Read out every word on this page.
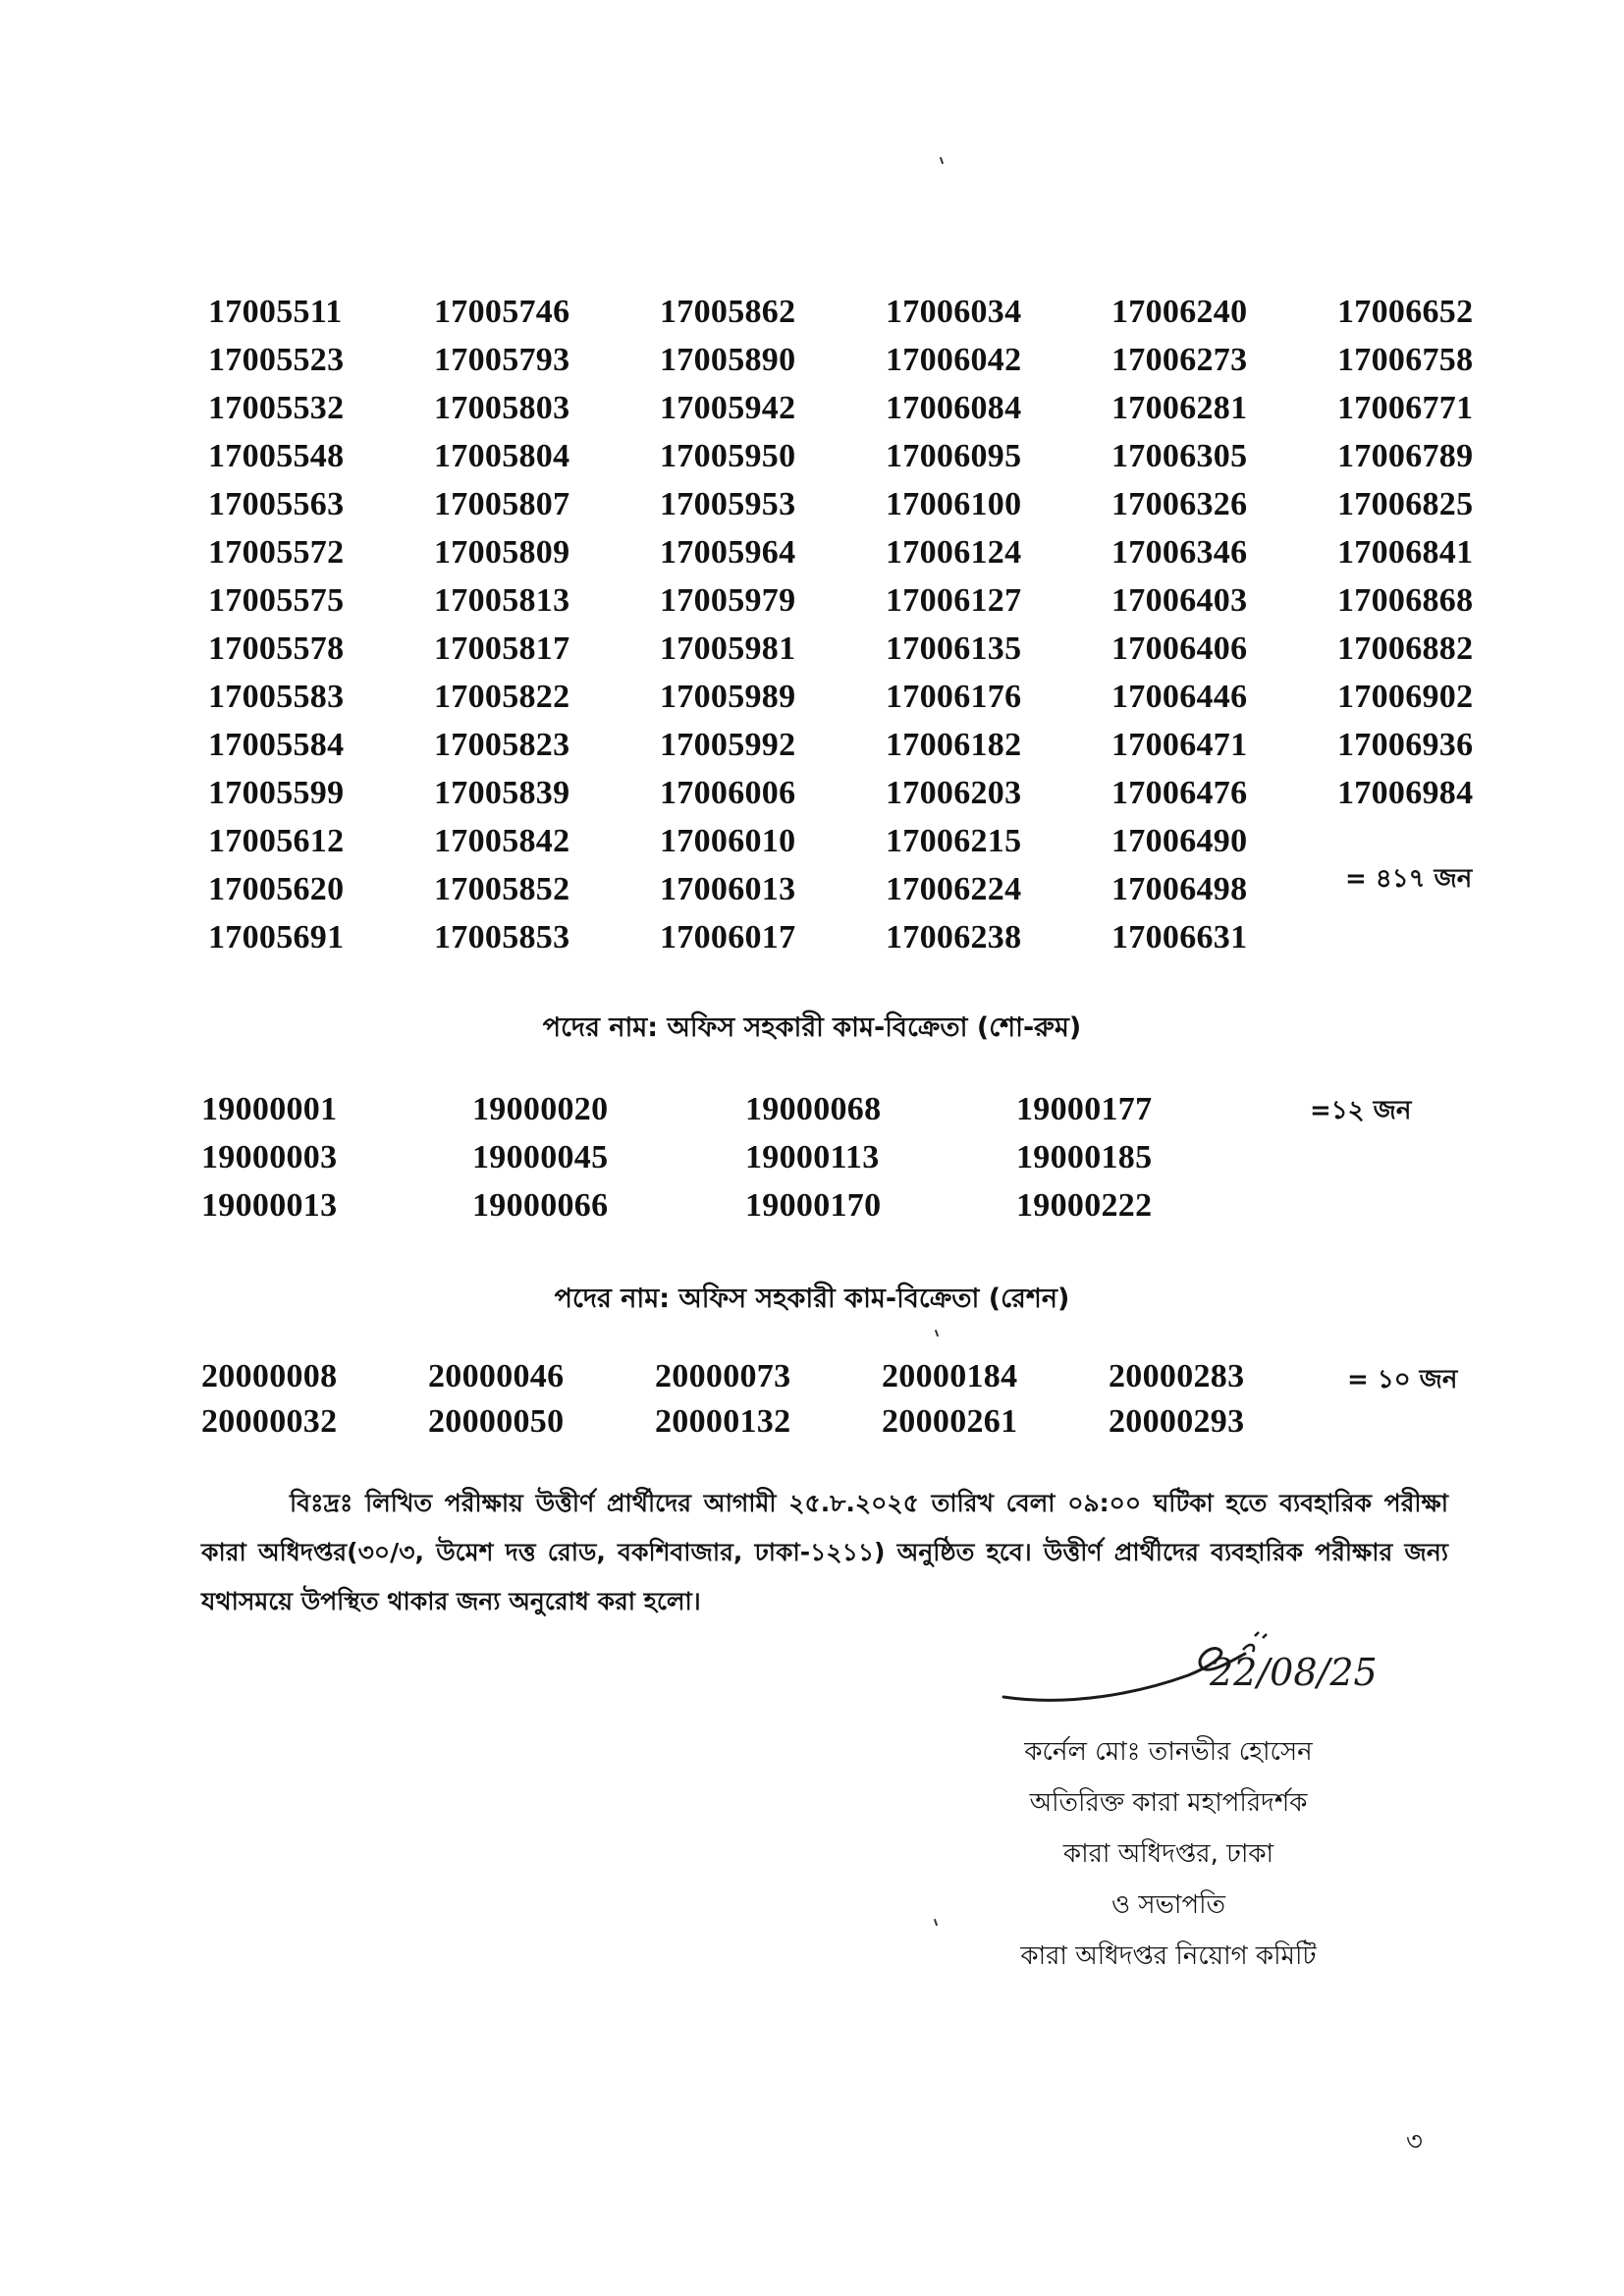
17005511
17005523
17005532
17005548
17005563
17005572
17005575
17005578
17005583
17005584
17005599
17005612
17005620
17005691
17005746
17005793
17005803
17005804
17005807
17005809
17005813
17005817
17005822
17005823
17005839
17005842
17005852
17005853
17005862
17005890
17005942
17005950
17005953
17005964
17005979
17005981
17005989
17005992
17006006
17006010
17006013
17006017
17006034
17006042
17006084
17006095
17006100
17006124
17006127
17006135
17006176
17006182
17006203
17006215
17006224
17006238
17006240
17006273
17006281
17006305
17006326
17006346
17006403
17006406
17006446
17006471
17006476
17006490
17006498
17006631
17006652
17006758
17006771
17006789
17006825
17006841
17006868
17006882
17006902
17006936
17006984
= ৪১৭ জন
পদের নাম: অফিস সহকারী কাম-বিক্রেতা (শো-রুম)
19000001
19000003
19000013
19000020
19000045
19000066
19000068
19000113
19000170
19000177
19000185
19000222
=১২ জন
পদের নাম: অফিস সহকারী কাম-বিক্রেতা (রেশন)
20000008
20000032
20000046
20000050
20000073
20000132
20000184
20000261
20000283
20000293
= ১০ জন
বিঃদ্রঃ লিখিত পরীক্ষায় উত্তীর্ণ প্রার্থীদের আগামী ২৫.৮.২০২৫ তারিখ বেলা ০৯:০০ ঘটিকা হতে ব্যবহারিক পরীক্ষা কারা অধিদপ্তর(৩০/৩, উমেশ দত্ত রোড, বকশিবাজার, ঢাকা-১২১১) অনুষ্ঠিত হবে। উত্তীর্ণ প্রার্থীদের ব্যবহারিক পরীক্ষার জন্য যথাসময়ে উপস্থিত থাকার জন্য অনুরোধ করা হলো।
22/08/25
কর্নেল মোঃ তানভীর হোসেন
অতিরিক্ত কারা মহাপরিদর্শক
কারা অধিদপ্তর, ঢাকা
ও সভাপতি
কারা অধিদপ্তর নিয়োগ কমিটি
৩
